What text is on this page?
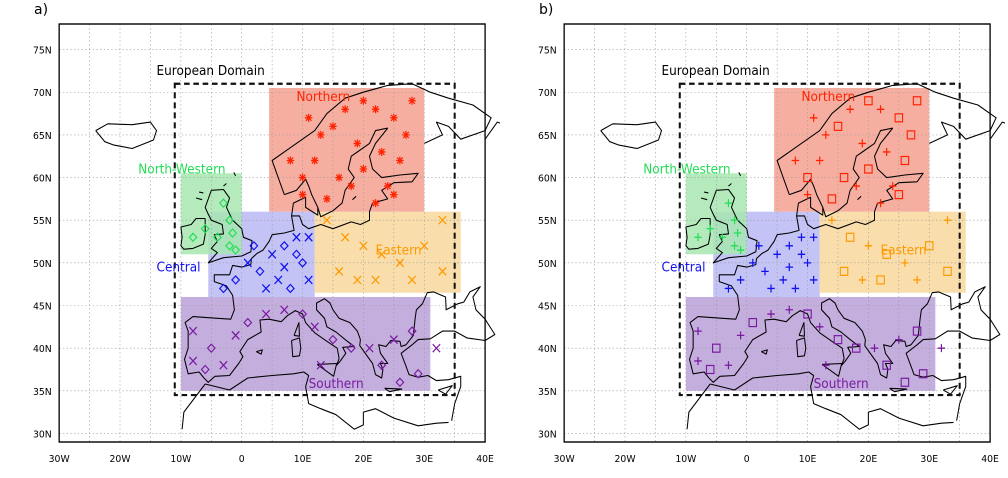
Northern
North-Western
Central
Eastern
Southern
European Domain
75N
70N
65N
60N
55N
50N
45N
40N
35N
30N
30W	20W	10W	0	10E	20E	30E	40E
a)
Northern
North-Western
Central
Eastern
Southern
European Domain
75N
70N
65N
60N
55N
50N
45N
40N
35N
30N
30W	20W	10W	0	10E	20E	30E	40E
b)
